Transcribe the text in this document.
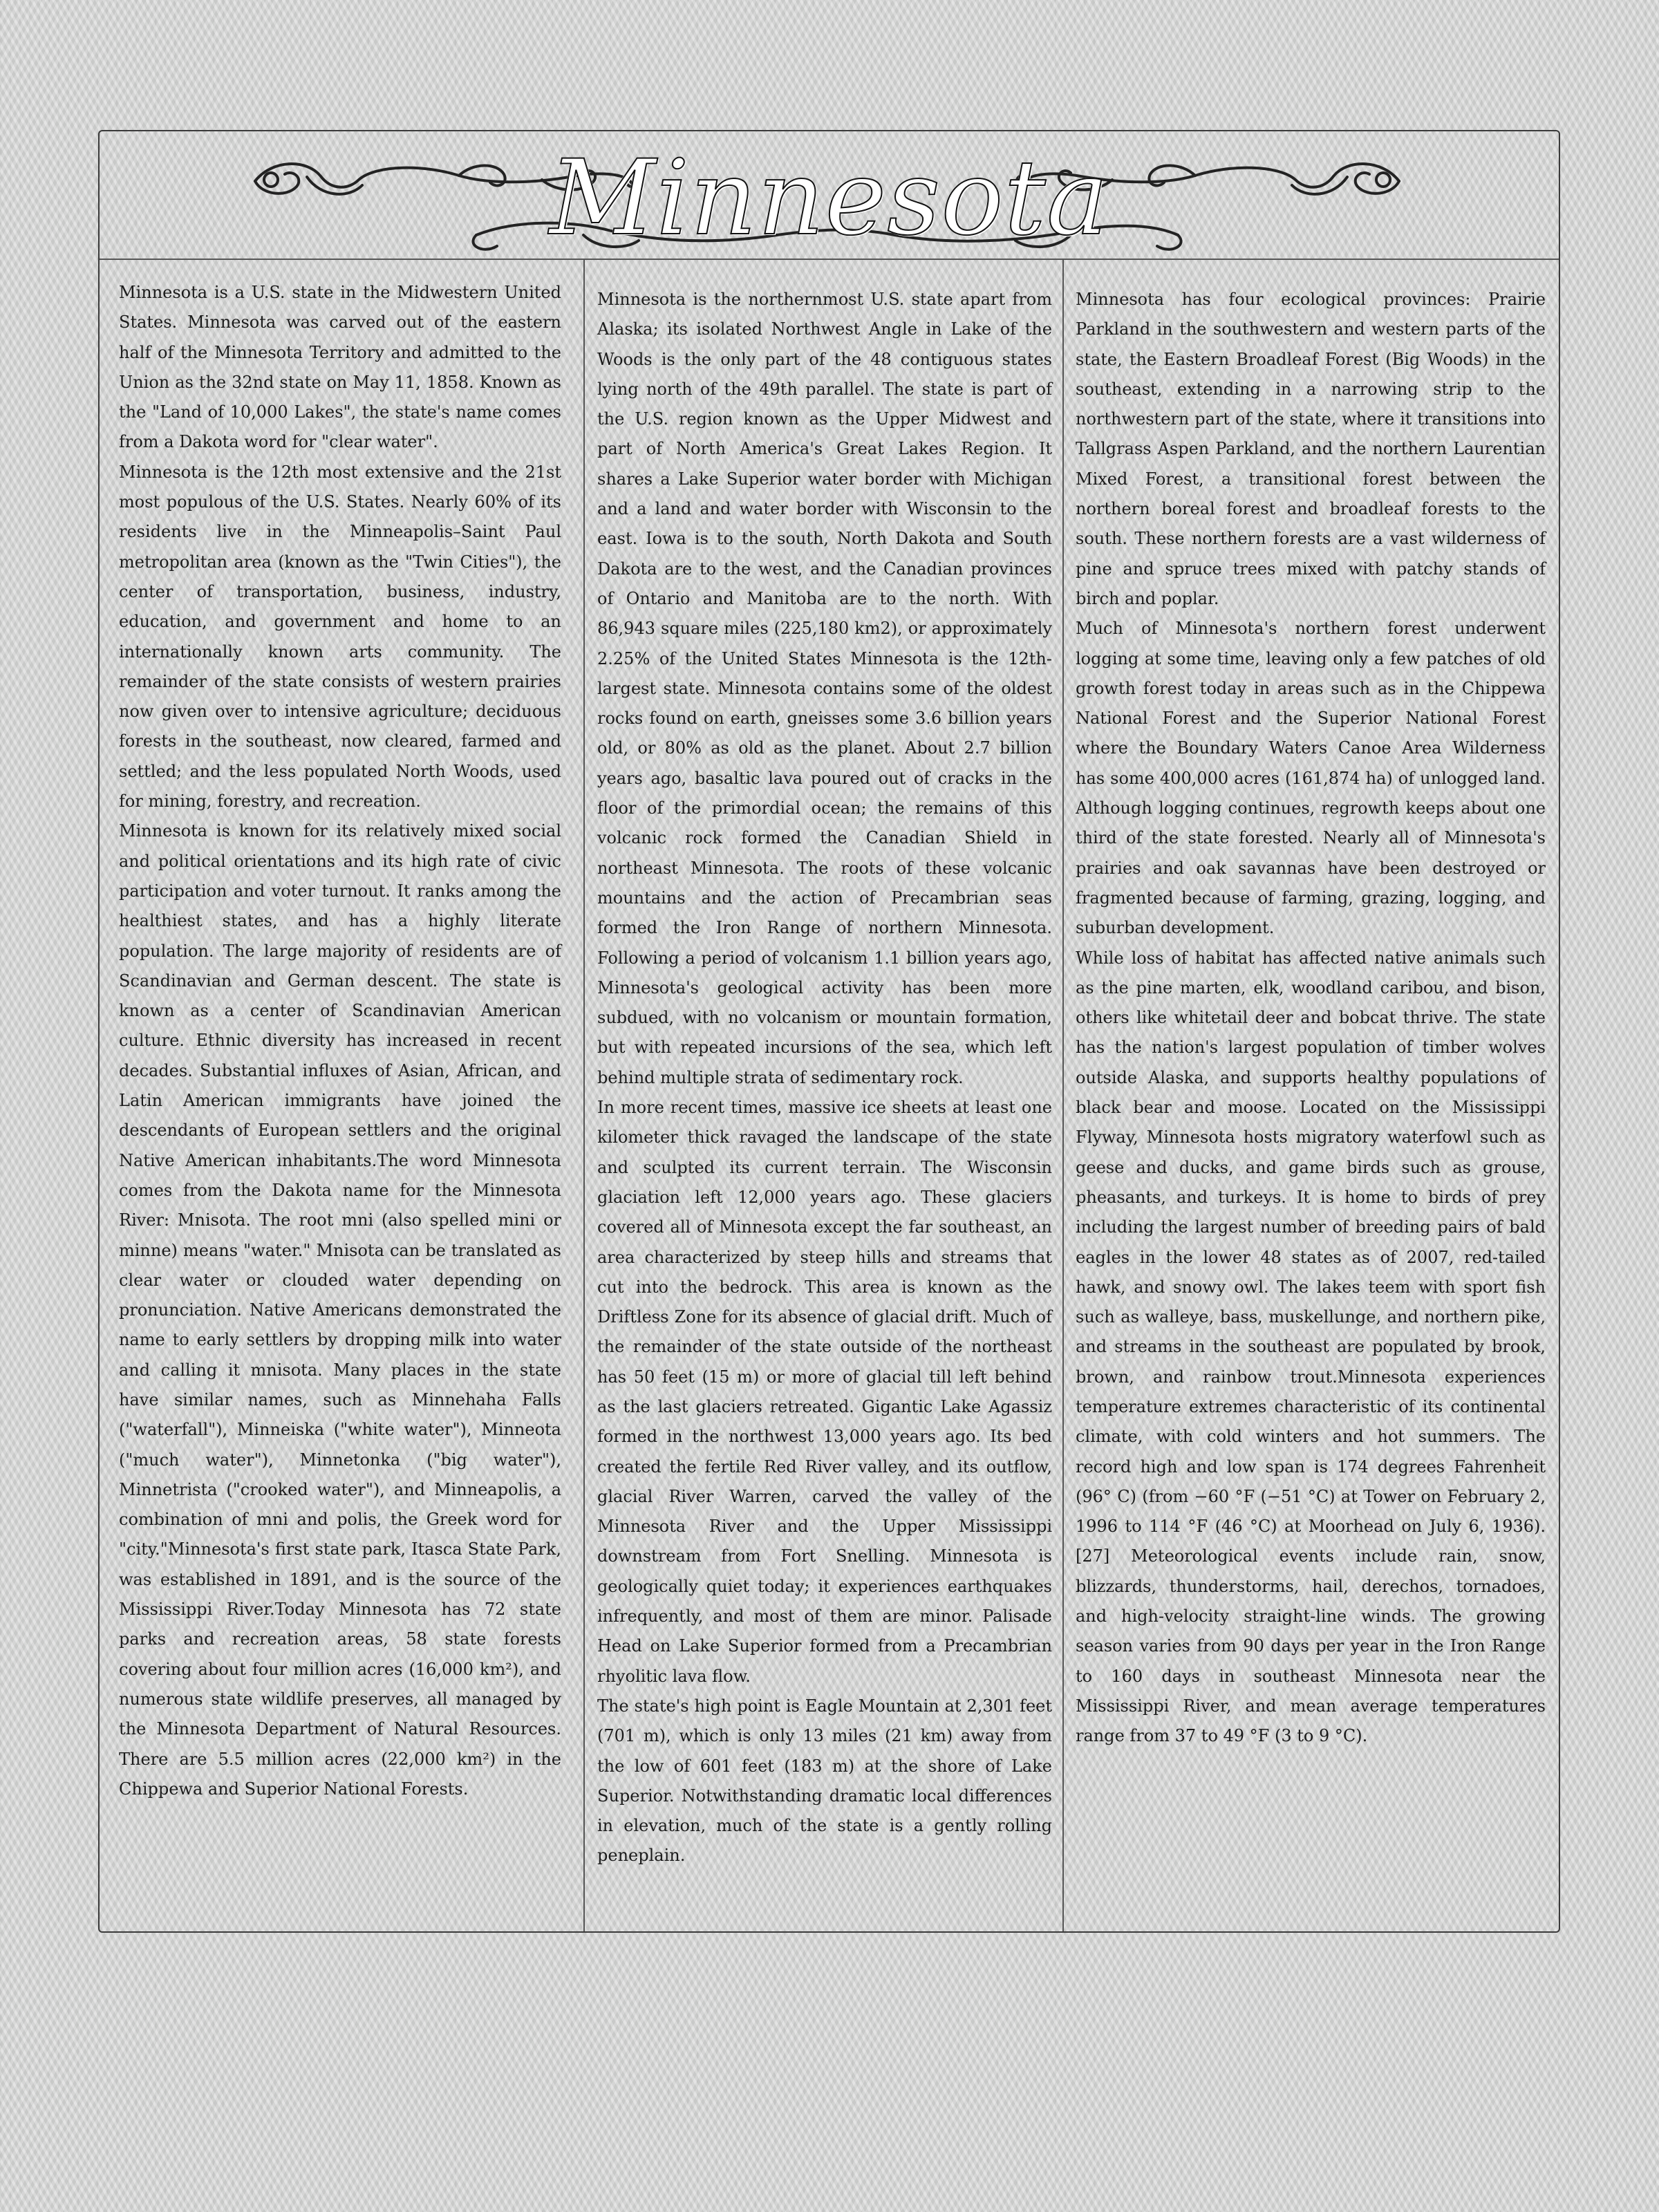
Minnesota

Minnesota is a U.S. state in the Midwestern United States. Minnesota was carved out of the eastern half of the Minnesota Territory and admitted to the Union as the 32nd state on May 11, 1858. Known as the "Land of 10,000 Lakes", the state's name comes from a Dakota word for "clear water".

Minnesota is the 12th most extensive and the 21st most populous of the U.S. States. Nearly 60% of its residents live in the Minneapolis–Saint Paul metropolitan area (known as the "Twin Cities"), the center of transportation, business, industry, education, and government and home to an internationally known arts community. The remainder of the state consists of western prairies now given over to intensive agriculture; deciduous forests in the southeast, now cleared, farmed and settled; and the less populated North Woods, used for mining, forestry, and recreation.

Minnesota is known for its relatively mixed social and political orientations and its high rate of civic participation and voter turnout. It ranks among the healthiest states, and has a highly literate population. The large majority of residents are of Scandinavian and German descent. The state is known as a center of Scandinavian American culture. Ethnic diversity has increased in recent decades. Substantial influxes of Asian, African, and Latin American immigrants have joined the descendants of European settlers and the original Native American inhabitants.The word Minnesota comes from the Dakota name for the Minnesota River: Mnisota. The root mni (also spelled mini or minne) means "water." Mnisota can be translated as clear water or clouded water depending on pronunciation. Native Americans demonstrated the name to early settlers by dropping milk into water and calling it mnisota. Many places in the state have similar names, such as Minnehaha Falls ("waterfall"), Minneiska ("white water"), Minneota ("much water"), Minnetonka ("big water"), Minnetrista ("crooked water"), and Minneapolis, a combination of mni and polis, the Greek word for "city."Minnesota's first state park, Itasca State Park, was established in 1891, and is the source of the Mississippi River.Today Minnesota has 72 state parks and recreation areas, 58 state forests covering about four million acres (16,000 km²), and numerous state wildlife preserves, all managed by the Minnesota Department of Natural Resources. There are 5.5 million acres (22,000 km²) in the Chippewa and Superior National Forests.

Minnesota is the northernmost U.S. state apart from Alaska; its isolated Northwest Angle in Lake of the Woods is the only part of the 48 contiguous states lying north of the 49th parallel. The state is part of the U.S. region known as the Upper Midwest and part of North America's Great Lakes Region. It shares a Lake Superior water border with Michigan and a land and water border with Wisconsin to the east. Iowa is to the south, North Dakota and South Dakota are to the west, and the Canadian provinces of Ontario and Manitoba are to the north. With 86,943 square miles (225,180 km2), or approximately 2.25% of the United States Minnesota is the 12th-largest state. Minnesota contains some of the oldest rocks found on earth, gneisses some 3.6 billion years old, or 80% as old as the planet. About 2.7 billion years ago, basaltic lava poured out of cracks in the floor of the primordial ocean; the remains of this volcanic rock formed the Canadian Shield in northeast Minnesota. The roots of these volcanic mountains and the action of Precambrian seas formed the Iron Range of northern Minnesota. Following a period of volcanism 1.1 billion years ago, Minnesota's geological activity has been more subdued, with no volcanism or mountain formation, but with repeated incursions of the sea, which left behind multiple strata of sedimentary rock.

In more recent times, massive ice sheets at least one kilometer thick ravaged the landscape of the state and sculpted its current terrain. The Wisconsin glaciation left 12,000 years ago. These glaciers covered all of Minnesota except the far southeast, an area characterized by steep hills and streams that cut into the bedrock. This area is known as the Driftless Zone for its absence of glacial drift. Much of the remainder of the state outside of the northeast has 50 feet (15 m) or more of glacial till left behind as the last glaciers retreated. Gigantic Lake Agassiz formed in the northwest 13,000 years ago. Its bed created the fertile Red River valley, and its outflow, glacial River Warren, carved the valley of the Minnesota River and the Upper Mississippi downstream from Fort Snelling. Minnesota is geologically quiet today; it experiences earthquakes infrequently, and most of them are minor. Palisade Head on Lake Superior formed from a Precambrian rhyolitic lava flow.

The state's high point is Eagle Mountain at 2,301 feet (701 m), which is only 13 miles (21 km) away from the low of 601 feet (183 m) at the shore of Lake Superior. Notwithstanding dramatic local differences in elevation, much of the state is a gently rolling peneplain.

Minnesota has four ecological provinces: Prairie Parkland in the southwestern and western parts of the state, the Eastern Broadleaf Forest (Big Woods) in the southeast, extending in a narrowing strip to the northwestern part of the state, where it transitions into Tallgrass Aspen Parkland, and the northern Laurentian Mixed Forest, a transitional forest between the northern boreal forest and broadleaf forests to the south. These northern forests are a vast wilderness of pine and spruce trees mixed with patchy stands of birch and poplar.

Much of Minnesota's northern forest underwent logging at some time, leaving only a few patches of old growth forest today in areas such as in the Chippewa National Forest and the Superior National Forest where the Boundary Waters Canoe Area Wilderness has some 400,000 acres (161,874 ha) of unlogged land. Although logging continues, regrowth keeps about one third of the state forested. Nearly all of Minnesota's prairies and oak savannas have been destroyed or fragmented because of farming, grazing, logging, and suburban development.

While loss of habitat has affected native animals such as the pine marten, elk, woodland caribou, and bison, others like whitetail deer and bobcat thrive. The state has the nation's largest population of timber wolves outside Alaska, and supports healthy populations of black bear and moose. Located on the Mississippi Flyway, Minnesota hosts migratory waterfowl such as geese and ducks, and game birds such as grouse, pheasants, and turkeys. It is home to birds of prey including the largest number of breeding pairs of bald eagles in the lower 48 states as of 2007, red-tailed hawk, and snowy owl. The lakes teem with sport fish such as walleye, bass, muskellunge, and northern pike, and streams in the southeast are populated by brook, brown, and rainbow trout.Minnesota experiences temperature extremes characteristic of its continental climate, with cold winters and hot summers. The record high and low span is 174 degrees Fahrenheit (96° C) (from −60 °F (−51 °C) at Tower on February 2, 1996 to 114 °F (46 °C) at Moorhead on July 6, 1936).[27] Meteorological events include rain, snow, blizzards, thunderstorms, hail, derechos, tornadoes, and high-velocity straight-line winds. The growing season varies from 90 days per year in the Iron Range to 160 days in southeast Minnesota near the Mississippi River, and mean average temperatures range from 37 to 49 °F (3 to 9 °C).
